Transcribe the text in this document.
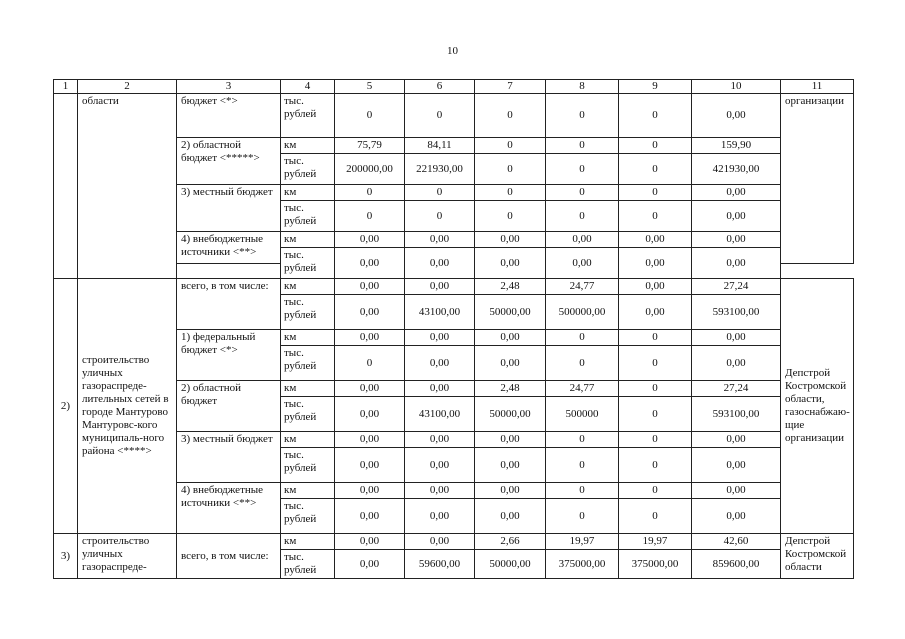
10
1	2	3	4	5	6	7	8	9	10	11
	области	бюджет <*>	тыс. рублей	0	0	0	0	0	0,00	организации
		2) областной бюджет <*****>	км	75,79	84,11	0	0	0	159,90	
			тыс. рублей	200000,00	221930,00	0	0	0	421930,00	
		3) местный бюджет	км	0	0	0	0	0	0,00	
			тыс. рублей	0	0	0	0	0	0,00	
		4) внебюджетные источники <**>	км	0,00	0,00	0,00	0,00	0,00	0,00	
			тыс. рублей	0,00	0,00	0,00	0,00	0,00	0,00	

2)	строительство уличных газораспреде-лительных сетей в городе Мантурово Мантуровс-кого муниципаль-ного района <****>	всего, в том числе:	км	0,00	0,00	2,48	24,77	0,00	27,24	Депстрой Костромской области, газоснабжаю-щие организации
			тыс. рублей	0,00	43100,00	50000,00	500000,00	0,00	593100,00	
		1) федеральный бюджет <*>	км	0,00	0,00	0,00	0	0	0,00	
			тыс. рублей	0	0,00	0,00	0	0	0,00	
		2) областной бюджет	км	0,00	0,00	2,48	24,77	0	27,24	
			тыс. рублей	0,00	43100,00	50000,00	500000	0	593100,00	
		3) местный бюджет	км	0,00	0,00	0,00	0	0	0,00	
			тыс. рублей	0,00	0,00	0,00	0	0	0,00	
		4) внебюджетные источники <**>	км	0,00	0,00	0,00	0	0	0,00	
			тыс. рублей	0,00	0,00	0,00	0	0	0,00	
3)	строительство уличных газораспреде-	всего, в том числе:	км	0,00	0,00	2,66	19,97	19,97	42,60	Депстрой Костромской области
			тыс. рублей	0,00	59600,00	50000,00	375000,00	375000,00	859600,00	
